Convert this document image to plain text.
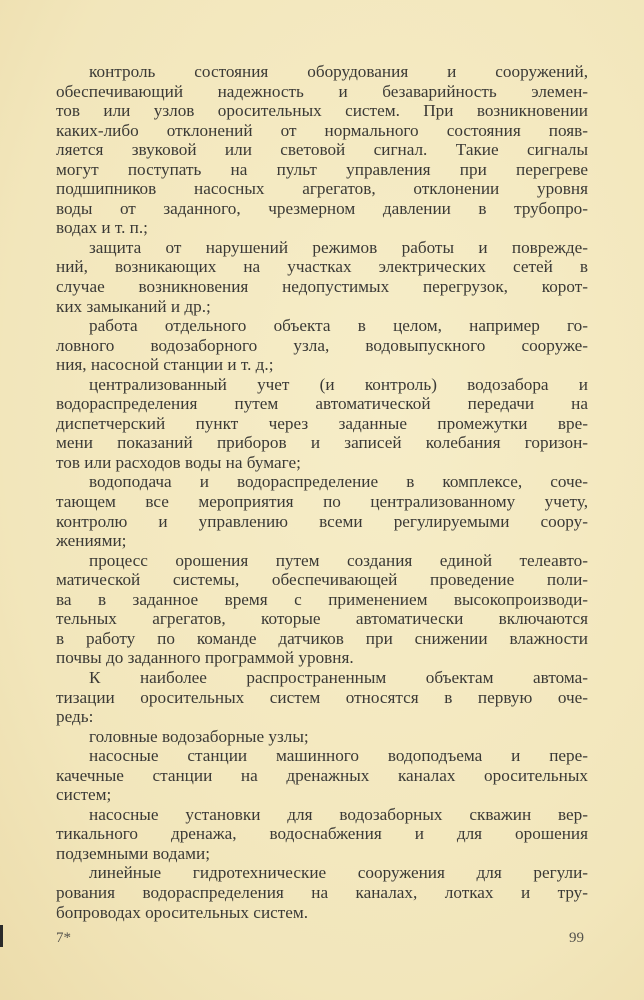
контроль состояния оборудования и сооружений,
обеспечивающий надежность и безаварийность элемен-
тов или узлов оросительных систем. При возникновении
каких-либо отклонений от нормального состояния появ-
ляется звуковой или световой сигнал. Такие сигналы
могут поступать на пульт управления при перегреве
подшипников насосных агрегатов, отклонении уровня
воды от заданного, чрезмерном давлении в трубопро-
водах и т. п.;
защита от нарушений режимов работы и поврежде-
ний, возникающих на участках электрических сетей в
случае возникновения недопустимых перегрузок, корот-
ких замыканий и др.;
работа отдельного объекта в целом, например го-
ловного водозаборного узла, водовыпускного сооруже-
ния, насосной станции и т. д.;
централизованный учет (и контроль) водозабора и
водораспределения путем автоматической передачи на
диспетчерский пункт через заданные промежутки вре-
мени показаний приборов и записей колебания горизон-
тов или расходов воды на бумаге;
водоподача и водораспределение в комплексе, соче-
тающем все мероприятия по централизованному учету,
контролю и управлению всеми регулируемыми соору-
жениями;
процесс орошения путем создания единой телеавто-
матической системы, обеспечивающей проведение поли-
ва в заданное время с применением высокопроизводи-
тельных агрегатов, которые автоматически включаются
в работу по команде датчиков при снижении влажности
почвы до заданного программой уровня.
К наиболее распространенным объектам автома-
тизации оросительных систем относятся в первую оче-
редь:
головные водозаборные узлы;
насосные станции машинного водоподъема и пере-
качечные станции на дренажных каналах оросительных
систем;
насосные установки для водозаборных скважин вер-
тикального дренажа, водоснабжения и для орошения
подземными водами;
линейные гидротехнические сооружения для регули-
рования водораспределения на каналах, лотках и тру-
бопроводах оросительных систем.
7*	99
